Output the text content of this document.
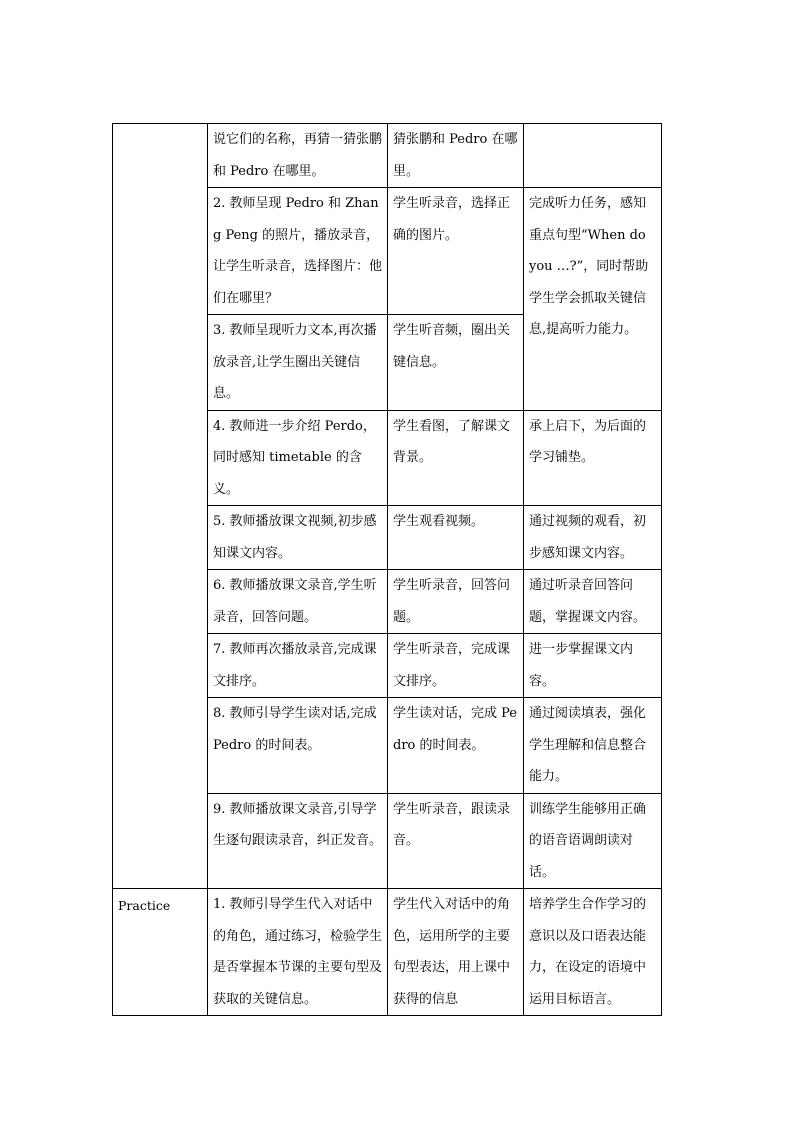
	说它们的名称，再猜一猜张鹏和 Pedro 在哪里。	猜张鹏和 Pedro 在哪里。	
	2. 教师呈现 Pedro 和 Zhang Peng 的照片，播放录音，让学生听录音，选择图片：他们在哪里？	学生听录音，选择正确的图片。	完成听力任务，感知重点句型“When do you …?”，同时帮助学生学会抓取关键信息,提高听力能力。
	3. 教师呈现听力文本,再次播放录音,让学生圈出关键信息。	学生听音频，圈出关键信息。	
	4. 教师进一步介绍 Perdo，同时感知 timetable 的含义。	学生看图，了解课文背景。	承上启下，为后面的学习铺垫。
	5. 教师播放课文视频,初步感知课文内容。	学生观看视频。	通过视频的观看，初步感知课文内容。
	6. 教师播放课文录音,学生听录音，回答问题。	学生听录音，回答问题。	通过听录音回答问题，掌握课文内容。
	7. 教师再次播放录音,完成课文排序。	学生听录音，完成课文排序。	进一步掌握课文内容。
	8. 教师引导学生读对话,完成 Pedro 的时间表。	学生读对话，完成 Pedro 的时间表。	通过阅读填表，强化学生理解和信息整合能力。
	9. 教师播放课文录音,引导学生逐句跟读录音，纠正发音。	学生听录音，跟读录音。	训练学生能够用正确的语音语调朗读对话。

Practice	1. 教师引导学生代入对话中的角色，通过练习，检验学生是否掌握本节课的主要句型及获取的关键信息。	学生代入对话中的角色，运用所学的主要句型表达，用上课中获得的信息	培养学生合作学习的意识以及口语表达能力，在设定的语境中运用目标语言。
